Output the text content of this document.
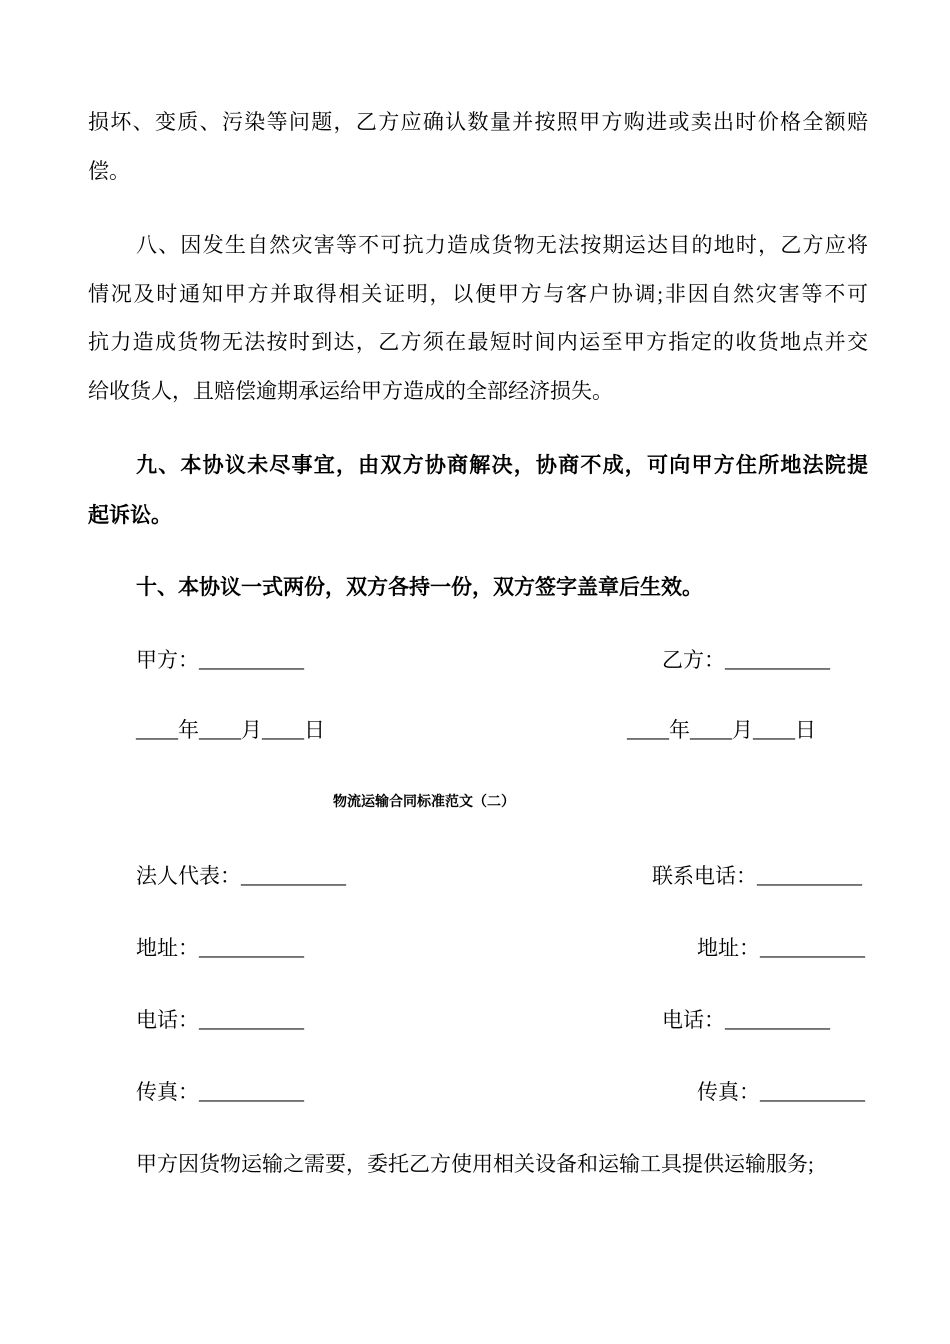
损坏、变质、污染等问题，乙方应确认数量并按照甲方购进或卖出时价格全额赔
偿。
八、因发生自然灾害等不可抗力造成货物无法按期运达目的地时，乙方应将
情况及时通知甲方并取得相关证明，以便甲方与客户协调;非因自然灾害等不可
抗力造成货物无法按时到达，乙方须在最短时间内运至甲方指定的收货地点并交
给收货人，且赔偿逾期承运给甲方造成的全部经济损失。
九、本协议未尽事宜，由双方协商解决，协商不成，可向甲方住所地法院提
起诉讼。
十、本协议一式两份，双方各持一份，双方签字盖章后生效。
甲方：__________	乙方：__________
____年____月____日	____年____月____日
物流运输合同标准范文（二）
法人代表：__________	联系电话：__________
地址：__________	地址：__________
电话：__________	电话：__________
传真：__________	传真：__________
甲方因货物运输之需要，委托乙方使用相关设备和运输工具提供运输服务;
